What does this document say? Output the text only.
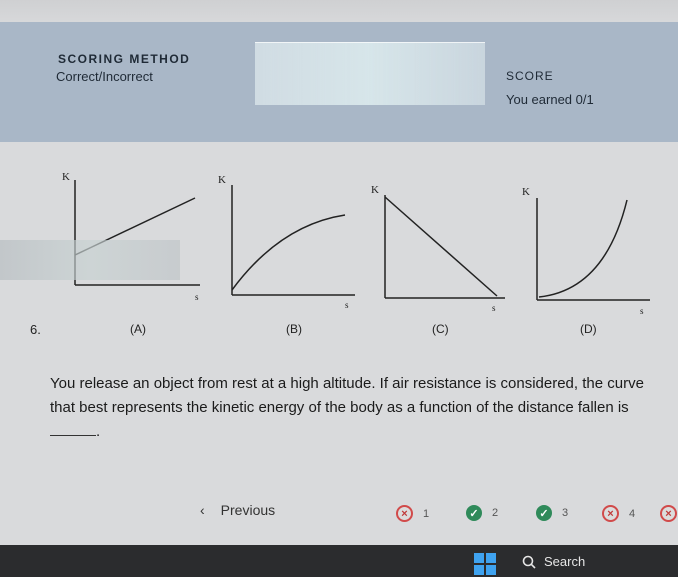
SCORING METHOD
Correct/Incorrect	SCORE
You earned 0/1
K
s
K
s
K
s
K
s
6.	(A)	(B)	(C)	(D)
You release an object from rest at a high altitude. If air resistance is considered, the curve that best represents the kinetic energy of the body as a function of the distance fallen is .
‹ Previous	×	1	✓	2	✓	3	×	4	×
Search
